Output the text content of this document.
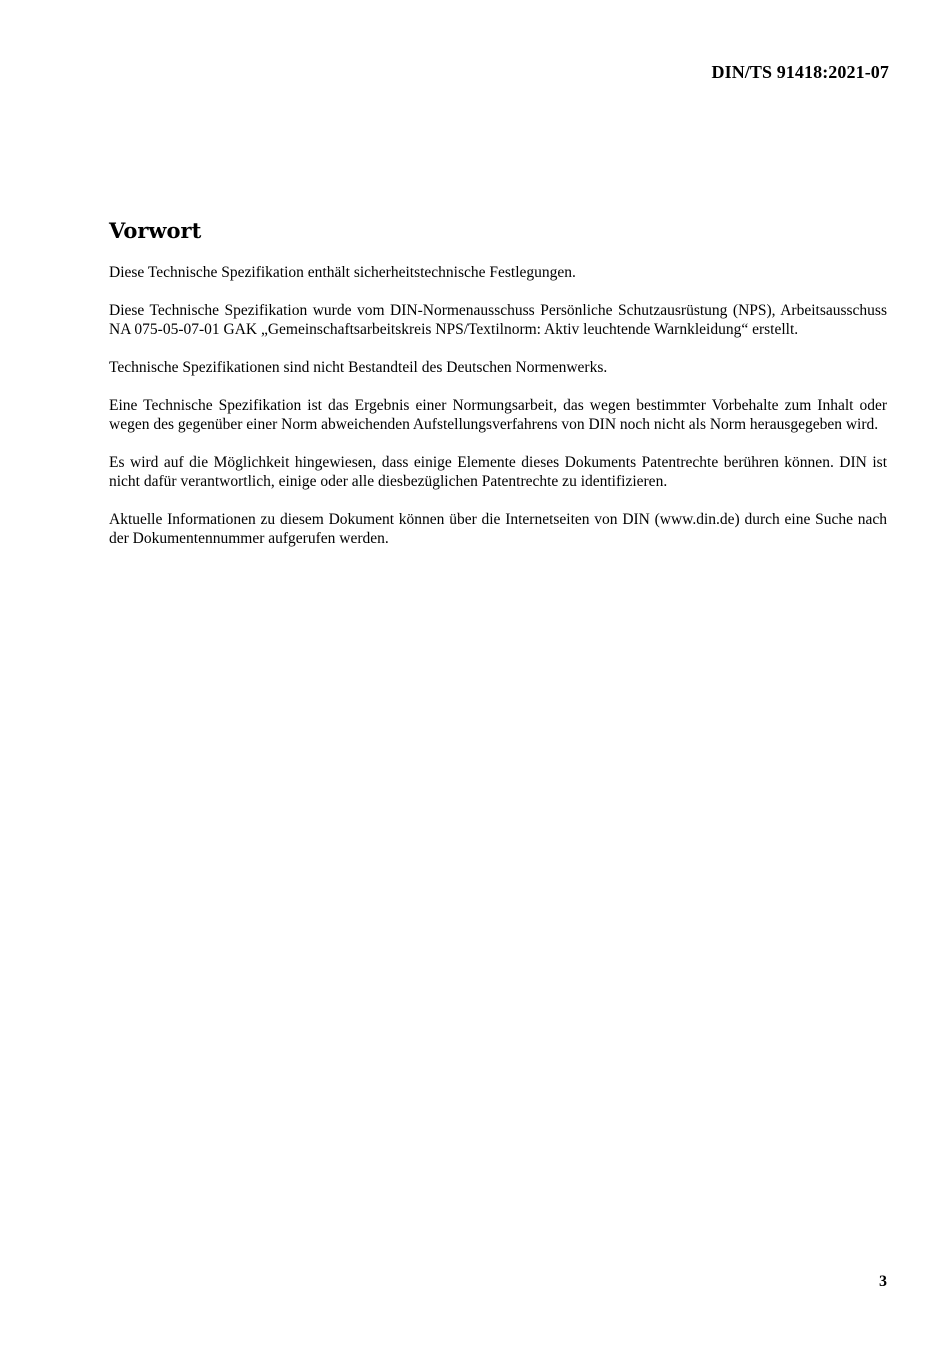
DIN/TS 91418:2021-07

Vorwort

Diese Technische Spezifikation enthält sicherheitstechnische Festlegungen.

Diese Technische Spezifikation wurde vom DIN-Normenausschuss Persönliche Schutzausrüstung (NPS), Arbeitsausschuss NA 075-05-07-01 GAK „Gemeinschaftsarbeitskreis NPS/Textilnorm: Aktiv leuchtende Warnkleidung“ erstellt.

Technische Spezifikationen sind nicht Bestandteil des Deutschen Normenwerks.

Eine Technische Spezifikation ist das Ergebnis einer Normungsarbeit, das wegen bestimmter Vorbehalte zum Inhalt oder wegen des gegenüber einer Norm abweichenden Aufstellungsverfahrens von DIN noch nicht als Norm herausgegeben wird.

Es wird auf die Möglichkeit hingewiesen, dass einige Elemente dieses Dokuments Patentrechte berühren können. DIN ist nicht dafür verantwortlich, einige oder alle diesbezüglichen Patentrechte zu identifizieren.

Aktuelle Informationen zu diesem Dokument können über die Internetseiten von DIN (www.din.de) durch eine Suche nach der Dokumentennummer aufgerufen werden.

3
